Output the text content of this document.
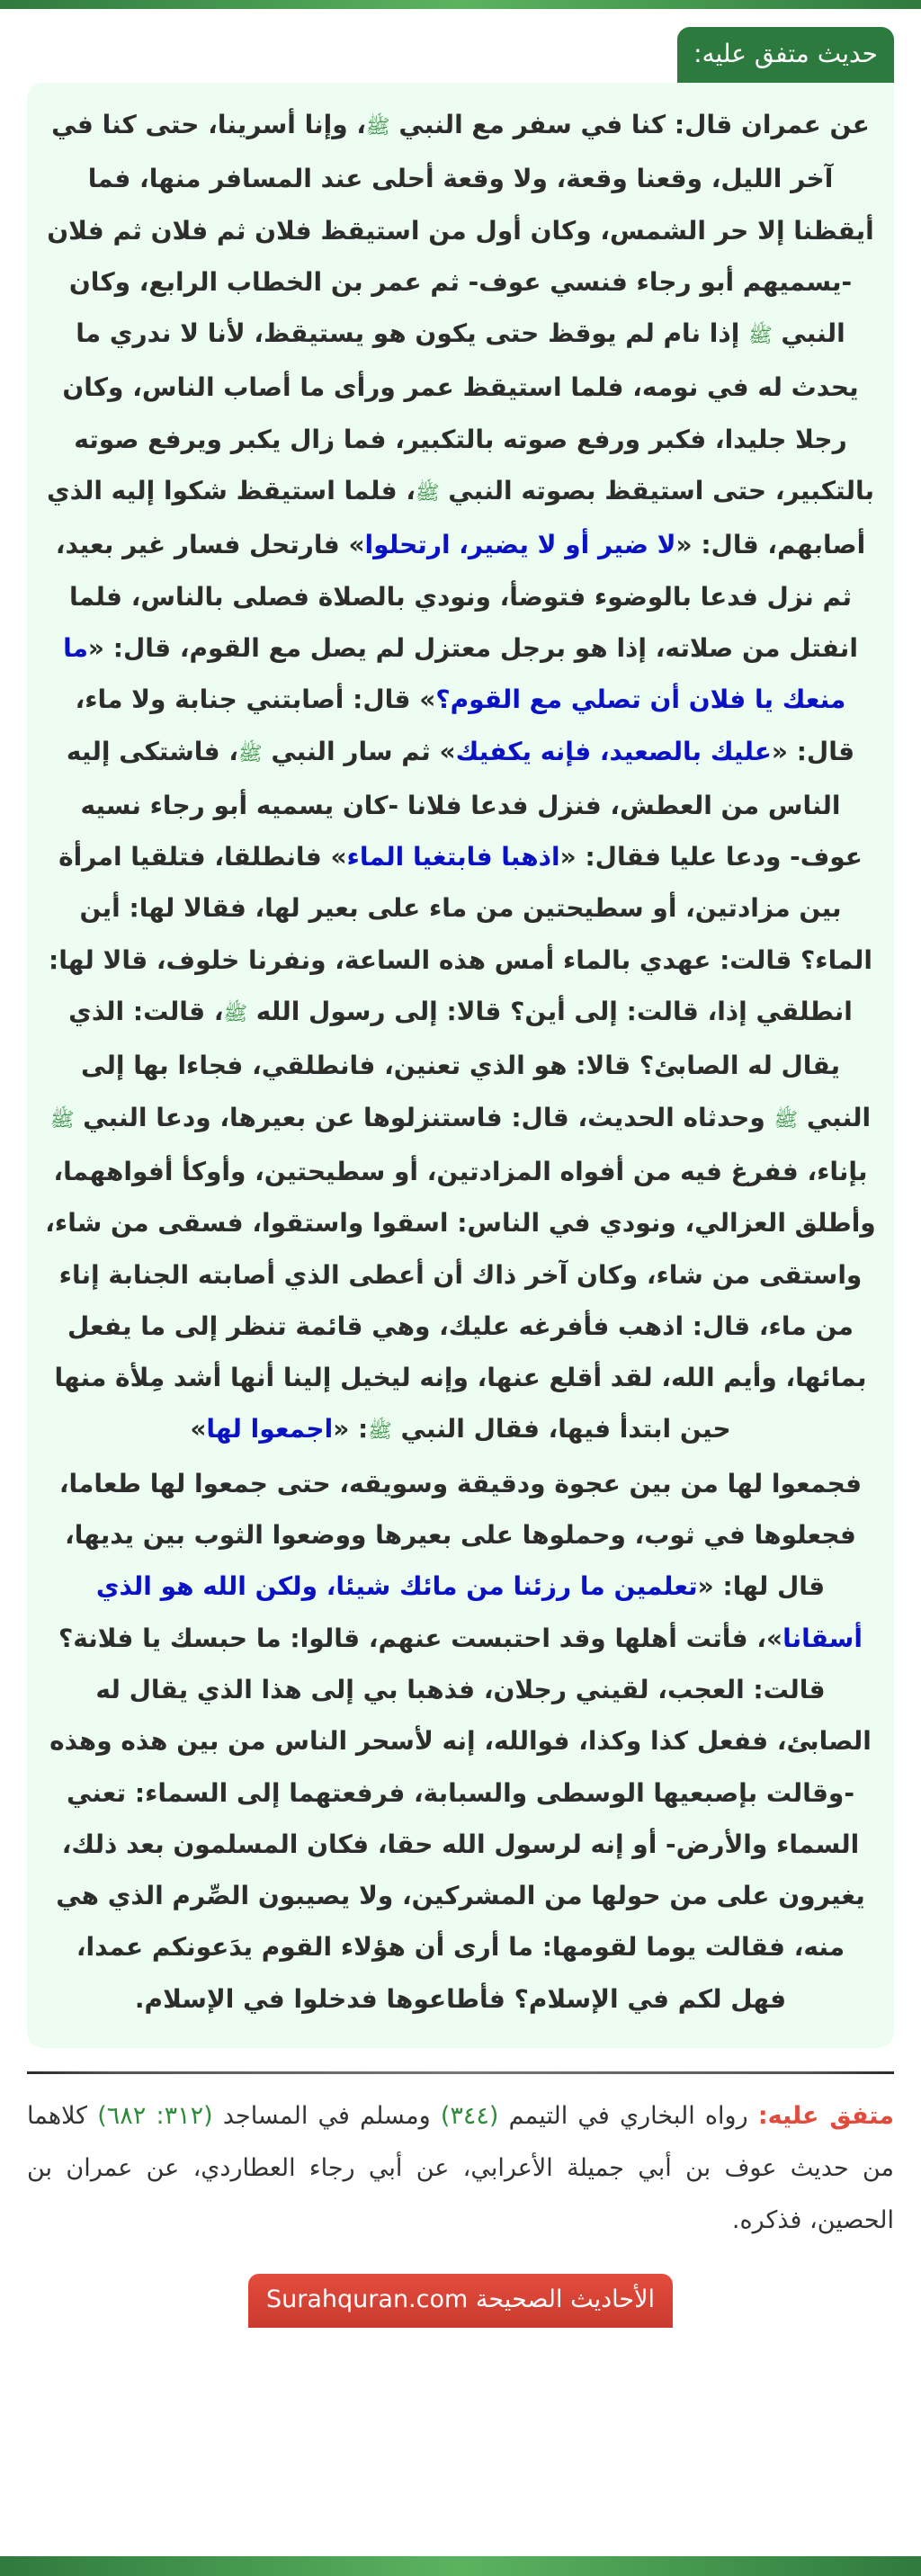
حديث متفق عليه:

عن عمران قال: كنا في سفر مع النبي ﷺ، وإنا أسرينا، حتى كنا في آخر الليل، وقعنا وقعة، ولا وقعة أحلى عند المسافر منها، فما أيقظنا إلا حر الشمس، وكان أول من استيقظ فلان ثم فلان ثم فلان -يسميهم أبو رجاء فنسي عوف- ثم عمر بن الخطاب الرابع، وكان النبي ﷺ إذا نام لم يوقظ حتى يكون هو يستيقظ، لأنا لا ندري ما يحدث له في نومه، فلما استيقظ عمر ورأى ما أصاب الناس، وكان رجلا جليدا، فكبر ورفع صوته بالتكبير، فما زال يكبر ويرفع صوته بالتكبير، حتى استيقظ بصوته النبي ﷺ، فلما استيقظ شكوا إليه الذي أصابهم، قال: «لا ضير أو لا يضير، ارتحلوا» فارتحل فسار غير بعيد، ثم نزل فدعا بالوضوء فتوضأ، ونودي بالصلاة فصلى بالناس، فلما انفتل من صلاته، إذا هو برجل معتزل لم يصل مع القوم، قال: «ما منعك يا فلان أن تصلي مع القوم؟» قال: أصابتني جنابة ولا ماء، قال: «عليك بالصعيد، فإنه يكفيك» ثم سار النبي ﷺ، فاشتكى إليه الناس من العطش، فنزل فدعا فلانا -كان يسميه أبو رجاء نسيه عوف- ودعا عليا فقال: «اذهبا فابتغيا الماء» فانطلقا، فتلقيا امرأة بين مزادتين، أو سطيحتين من ماء على بعير لها، فقالا لها: أين الماء؟ قالت: عهدي بالماء أمس هذه الساعة، ونفرنا خلوف، قالا لها: انطلقي إذا، قالت: إلى أين؟ قالا: إلى رسول الله ﷺ، قالت: الذي يقال له الصابئ؟ قالا: هو الذي تعنين، فانطلقي، فجاءا بها إلى النبي ﷺ وحدثاه الحديث، قال: فاستنزلوها عن بعيرها، ودعا النبي ﷺ بإناء، ففرغ فيه من أفواه المزادتين، أو سطيحتين، وأوكأ أفواههما، وأطلق العزالي، ونودي في الناس: اسقوا واستقوا، فسقى من شاء، واستقى من شاء، وكان آخر ذاك أن أعطى الذي أصابته الجنابة إناء من ماء، قال: اذهب فأفرغه عليك، وهي قائمة تنظر إلى ما يفعل بمائها، وأيم الله، لقد أقلع عنها، وإنه ليخيل إلينا أنها أشد مِلأة منها حين ابتدأ فيها، فقال النبي ﷺ: «اجمعوا لها»
فجمعوا لها من بين عجوة ودقيقة وسويقه، حتى جمعوا لها طعاما، فجعلوها في ثوب، وحملوها على بعيرها ووضعوا الثوب بين يديها، قال لها: «تعلمين ما رزئنا من مائك شيئا، ولكن الله هو الذي أسقانا»، فأتت أهلها وقد احتبست عنهم، قالوا: ما حبسك يا فلانة؟ قالت: العجب، لقيني رجلان، فذهبا بي إلى هذا الذي يقال له الصابئ، ففعل كذا وكذا، فوالله، إنه لأسحر الناس من بين هذه وهذه -وقالت بإصبعيها الوسطى والسبابة، فرفعتهما إلى السماء: تعني السماء والأرض- أو إنه لرسول الله حقا، فكان المسلمون بعد ذلك، يغيرون على من حولها من المشركين، ولا يصيبون الصِّرم الذي هي منه، فقالت يوما لقومها: ما أرى أن هؤلاء القوم يدَعونكم عمدا، فهل لكم في الإسلام؟ فأطاعوها فدخلوا في الإسلام.

متفق عليه: رواه البخاري في التيمم (٣٤٤) ومسلم في المساجد (٣١٢: ٦٨٢) كلاهما من حديث عوف بن أبي جميلة الأعرابي، عن أبي رجاء العطاردي، عن عمران بن الحصين، فذكره.

الأحاديث الصحيحة Surahquran.com
